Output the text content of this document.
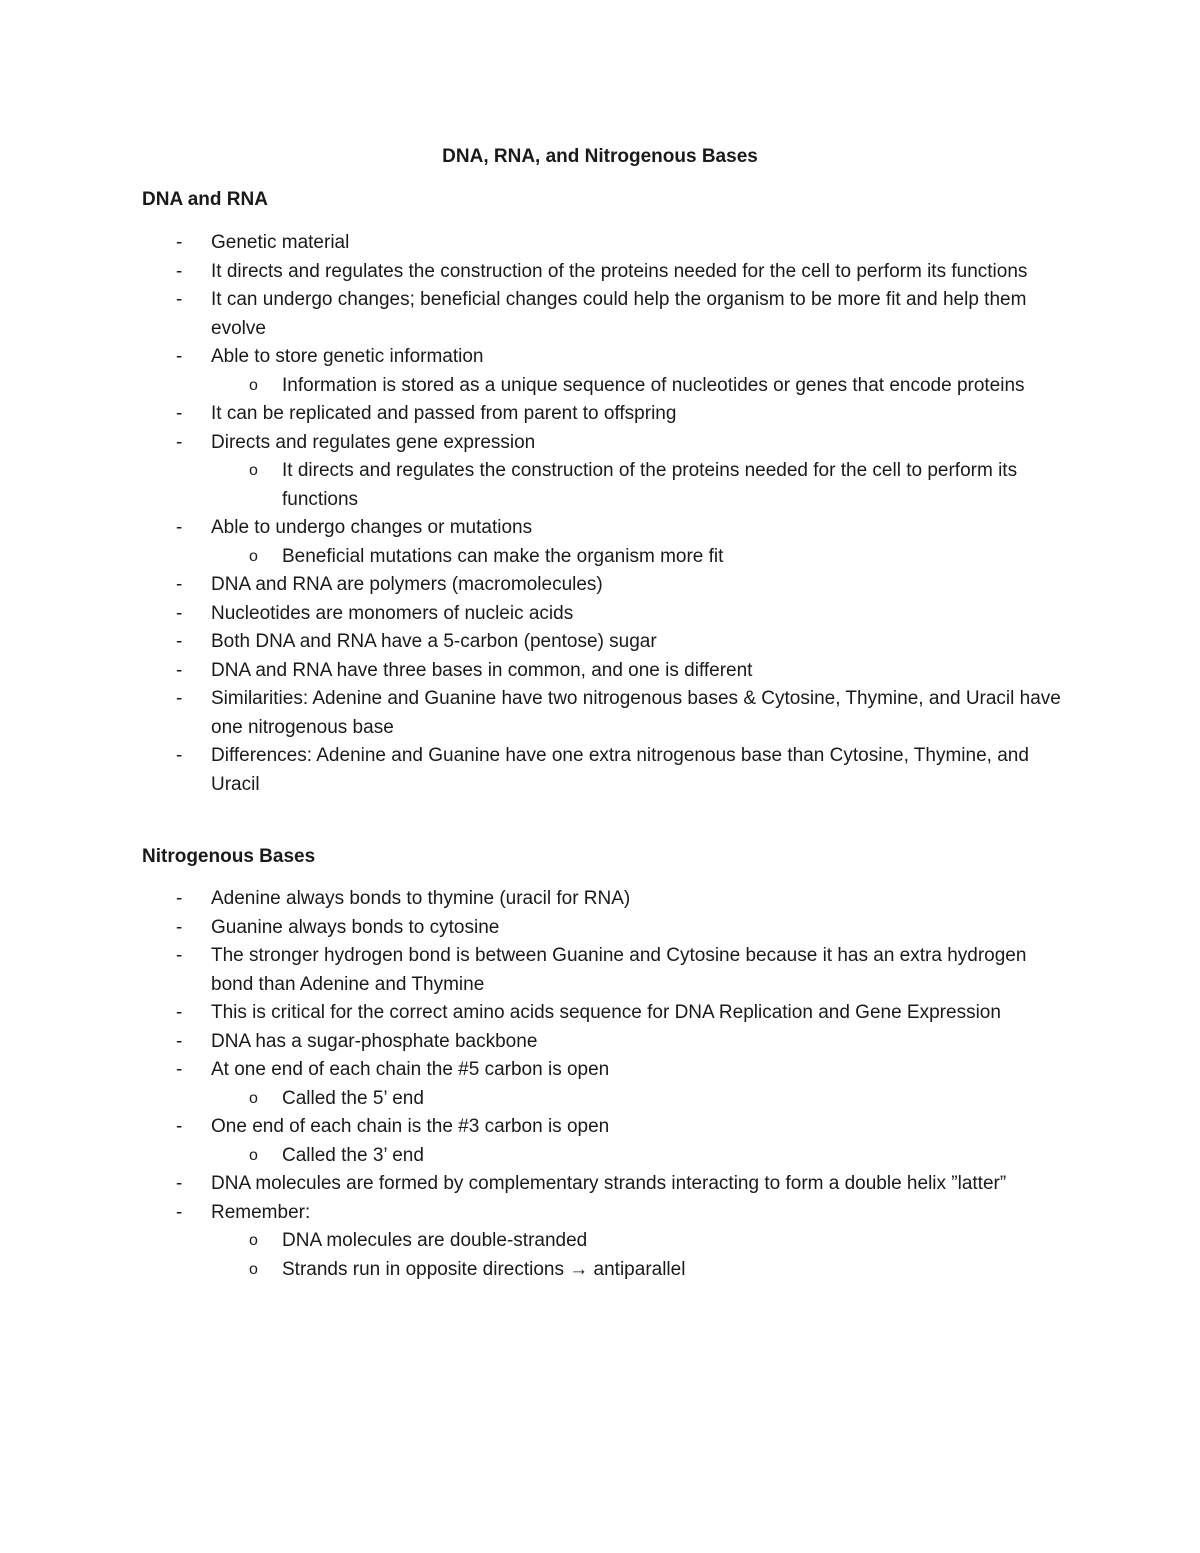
DNA, RNA, and Nitrogenous Bases
DNA and RNA
-	Genetic material
-	It directs and regulates the construction of the proteins needed for the cell to perform its functions
-	It can undergo changes; beneficial changes could help the organism to be more fit and help them evolve
-	Able to store genetic information
o	Information is stored as a unique sequence of nucleotides or genes that encode proteins
-	It can be replicated and passed from parent to offspring
-	Directs and regulates gene expression
o	It directs and regulates the construction of the proteins needed for the cell to perform its functions
-	Able to undergo changes or mutations
o	Beneficial mutations can make the organism more fit
-	DNA and RNA are polymers (macromolecules)
-	Nucleotides are monomers of nucleic acids
-	Both DNA and RNA have a 5-carbon (pentose) sugar
-	DNA and RNA have three bases in common, and one is different
-	Similarities: Adenine and Guanine have two nitrogenous bases & Cytosine, Thymine, and Uracil have one nitrogenous base
-	Differences: Adenine and Guanine have one extra nitrogenous base than Cytosine, Thymine, and Uracil
Nitrogenous Bases
-	Adenine always bonds to thymine (uracil for RNA)
-	Guanine always bonds to cytosine
-	The stronger hydrogen bond is between Guanine and Cytosine because it has an extra hydrogen bond than Adenine and Thymine
-	This is critical for the correct amino acids sequence for DNA Replication and Gene Expression
-	DNA has a sugar-phosphate backbone
-	At one end of each chain the #5 carbon is open
o	Called the 5’ end
-	One end of each chain is the #3 carbon is open
o	Called the 3’ end
-	DNA molecules are formed by complementary strands interacting to form a double helix ”latter”
-	Remember:
o	DNA molecules are double-stranded
o	Strands run in opposite directions → antiparallel
